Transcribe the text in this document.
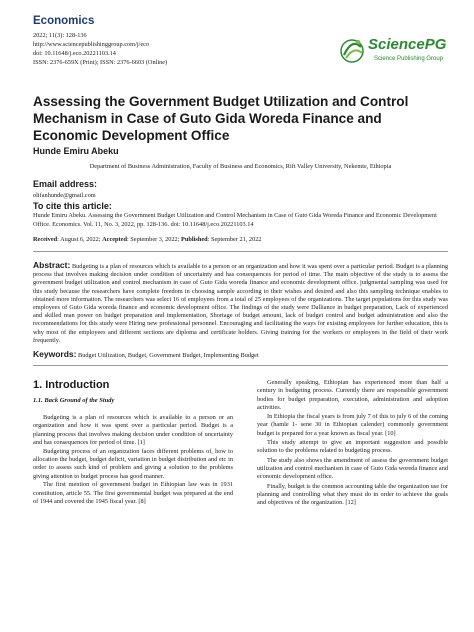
Economics
2022; 11(3): 128-136
http://www.sciencepublishinggroup.com/j/eco
doi: 10.11648/j.eco.20221103.14
ISSN: 2376-659X (Print); ISSN: 2376-6603 (Online)
SciencePG
Science Publishing Group
Assessing the Government Budget Utilization and Control Mechanism in Case of Guto Gida Woreda Finance and Economic Development Office
Hunde Emiru Abeku
Department of Business Administration, Faculty of Business and Economics, Rift Valley University, Nekemte, Ethiopia
Email address:
olifanhunde@gmail.com
To cite this article:
Hunde Emiru Abeku. Assessing the Government Budget Utilization and Control Mechanism in Case of Guto Gida Woreda Finance and Economic Development Office. Economics. Vol. 11, No. 3, 2022, pp. 128-136. doi: 10.11648/j.eco.20221103.14
Received: August 6, 2022; Accepted: September 3, 2022; Published: September 21, 2022
Abstract: Budgeting is a plan of resources which is available to a person or an organization and how it was spent over a particular period. Budget is a planning process that involves making decision under condition of uncertainty and has consequences for period of time. The main objective of the study is to assess the government budget utilization and control mechanism in case of Guto Gida woreda finance and economic development office. judgmental sampling was used for this study because the researchers have complete freedom in choosing sample according to their wishes and desired and also this sampling technique enables to obtained more information. The researchers was select 16 of employees from a total of 25 employees of the organizations. The target populations for this study was employees of Guto Gida woreda finance and economic development office. The findings of the study were Dalliance in budget preparation, Lack of experienced and skilled man power on budget preparation and implementation, Shortage of budget amount, lack of budget control and budget administration and also the recommendations for this study were Hiring new professional personnel. Encouraging and facilitating the ways for existing employees for further education, this is why most of the employees and different sections are diploma and certificate holders. Giving training for the workers or employees in the field of their work frequently.
Keywords: Budget Utilization, Budget, Government Budget, Implementing Budget
1. Introduction
1.1. Back Ground of the Study
Budgeting is a plan of resources which is available to a person or an organization and how it was spent over a particular period. Budget is a planning process that involves making decision under condition of uncertainty and has consequences for period of time. [1]
Budgeting process of an organization faces different problems of, how to allocation the budget, budget deficit, variation in budget distribution and etc in order to assess such kind of problem and giving a solution to the problems giving attention to budget process has good manner.
The first mention of government budget in Ethiopian law was in 1931 constitution, article 55. The first governmental budget was prepared at the end of 1944 and covered the 1945 fiscal year. [8]
Generally speaking, Ethiopian has experienced more than half a century in budgeting process. Currently there are responsible government bodies for budget preparation, execution, administration and adoption activities.
In Ethiopia the fiscal years is from july 7 of this to july 6 of the coming year (hamle 1- sene 30 in Ethiopian calender) commonly government budget is prepared for a year known as fiscal year. [10]
This study attempt to give an important suggestion and possible solution to the problems related to budgeting process.
The study also shows the amendment of assess the government budget utilization and control mechanism in case of Guto Gida woreda finance and economic development office.
Finally, budget is the common accounting table the organization use for planning and controlling what they must do in order to achieve the goals and objectives of the organization. [12]
